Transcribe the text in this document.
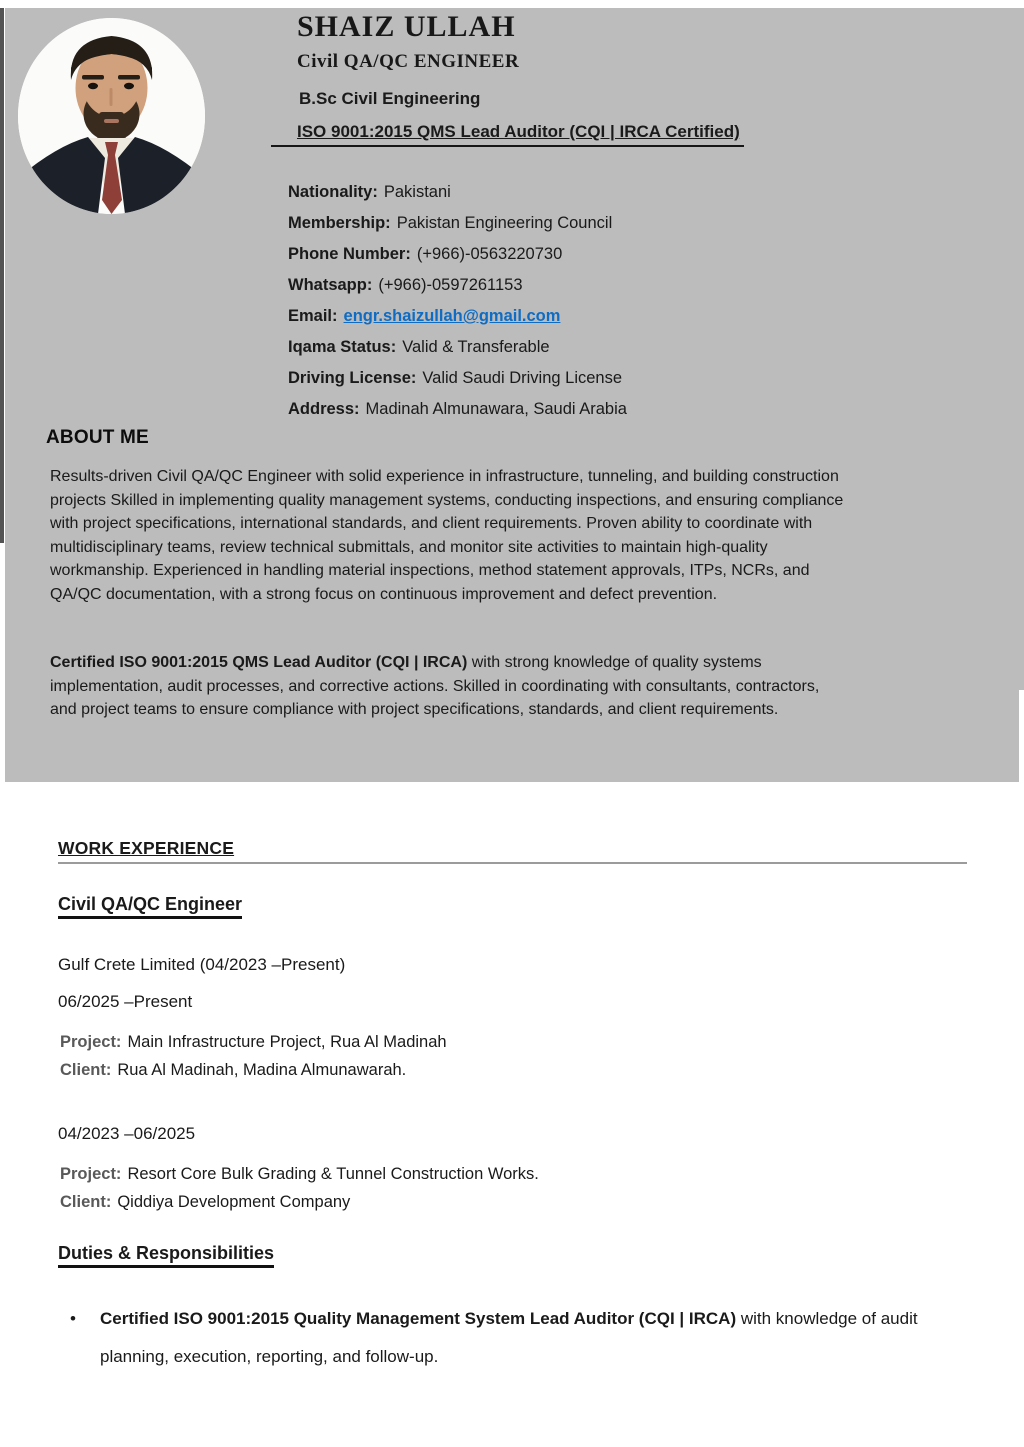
SHAIZ ULLAH
Civil QA/QC ENGINEER
B.Sc Civil Engineering
ISO 9001:2015 QMS Lead Auditor (CQI | IRCA Certified)
Nationality: Pakistani
Membership: Pakistan Engineering Council
Phone Number: (+966)-0563220730
Whatsapp: (+966)-0597261153
Email: engr.shaizullah@gmail.com
Iqama Status: Valid & Transferable
Driving License: Valid Saudi Driving License
Address: Madinah Almunawara, Saudi Arabia
ABOUT ME
Results-driven Civil QA/QC Engineer with solid experience in infrastructure, tunneling, and building construction projects Skilled in implementing quality management systems, conducting inspections, and ensuring compliance with project specifications, international standards, and client requirements. Proven ability to coordinate with multidisciplinary teams, review technical submittals, and monitor site activities to maintain high-quality workmanship. Experienced in handling material inspections, method statement approvals, ITPs, NCRs, and QA/QC documentation, with a strong focus on continuous improvement and defect prevention.
Certified ISO 9001:2015 QMS Lead Auditor (CQI | IRCA) with strong knowledge of quality systems implementation, audit processes, and corrective actions. Skilled in coordinating with consultants, contractors, and project teams to ensure compliance with project specifications, standards, and client requirements.
WORK EXPERIENCE
Civil QA/QC Engineer
Gulf Crete Limited (04/2023 –Present)
06/2025 –Present
Project: Main Infrastructure Project, Rua Al Madinah
Client: Rua Al Madinah, Madina Almunawarah.
04/2023 –06/2025
Project: Resort Core Bulk Grading & Tunnel Construction Works.
Client: Qiddiya Development Company
Duties & Responsibilities
•	Certified ISO 9001:2015 Quality Management System Lead Auditor (CQI | IRCA) with knowledge of audit planning, execution, reporting, and follow-up.
